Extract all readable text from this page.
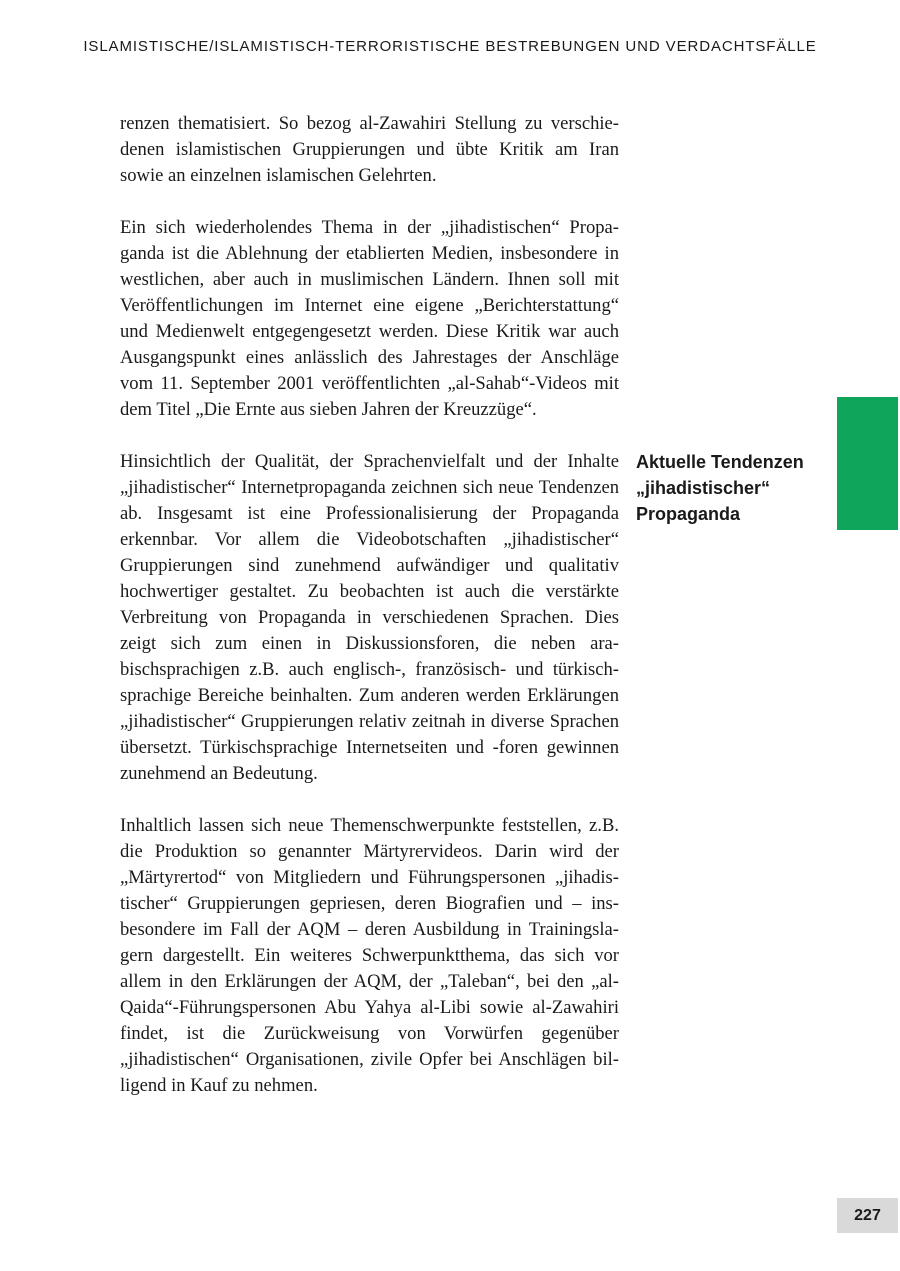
ISLAMISTISCHE/ISLAMISTISCH-TERRORISTISCHE BESTREBUNGEN UND VERDACHTSFÄLLE

renzen thematisiert. So bezog al-Zawahiri Stellung zu verschiedenen islamistischen Gruppierungen und übte Kritik am Iran sowie an einzelnen islamischen Gelehrten.

Ein sich wiederholendes Thema in der „jihadistischen“ Propaganda ist die Ablehnung der etablierten Medien, insbesondere in westlichen, aber auch in muslimischen Ländern. Ihnen soll mit Veröffentlichungen im Internet eine eigene „Berichterstattung“ und Medienwelt entgegengesetzt werden. Diese Kritik war auch Ausgangspunkt eines anlässlich des Jahrestages der Anschläge vom 11. September 2001 veröffentlichten „al-Sahab“-Videos mit dem Titel „Die Ernte aus sieben Jahren der Kreuzzüge“.

Hinsichtlich der Qualität, der Sprachenvielfalt und der Inhalte „jihadistischer“ Internetpropaganda zeichnen sich neue Tendenzen ab. Insgesamt ist eine Professionalisierung der Propaganda erkennbar. Vor allem die Videobotschaften „jihadistischer“ Gruppierungen sind zunehmend aufwändiger und qualitativ hochwertiger gestaltet. Zu beobachten ist auch die verstärkte Verbreitung von Propaganda in verschiedenen Sprachen. Dies zeigt sich zum einen in Diskussionsforen, die neben arabischsprachigen z.B. auch englisch-, französisch- und türkischsprachige Bereiche beinhalten. Zum anderen werden Erklärungen „jihadistischer“ Gruppierungen relativ zeitnah in diverse Sprachen übersetzt. Türkischsprachige Internetseiten und -foren gewinnen zunehmend an Bedeutung.

Inhaltlich lassen sich neue Themenschwerpunkte feststellen, z.B. die Produktion so genannter Märtyrervideos. Darin wird der „Märtyrertod“ von Mitgliedern und Führungspersonen „jihadistischer“ Gruppierungen gepriesen, deren Biografien und – insbesondere im Fall der AQM – deren Ausbildung in Trainingslagern dargestellt. Ein weiteres Schwerpunktthema, das sich vor allem in den Erklärungen der AQM, der „Taleban“, bei den „al-Qaida“-Führungspersonen Abu Yahya al-Libi sowie al-Zawahiri findet, ist die Zurückweisung von Vorwürfen gegenüber „jihadistischen“ Organisationen, zivile Opfer bei Anschlägen billigend in Kauf zu nehmen.

Aktuelle Tendenzen
„jihadistischer“
Propaganda
227
